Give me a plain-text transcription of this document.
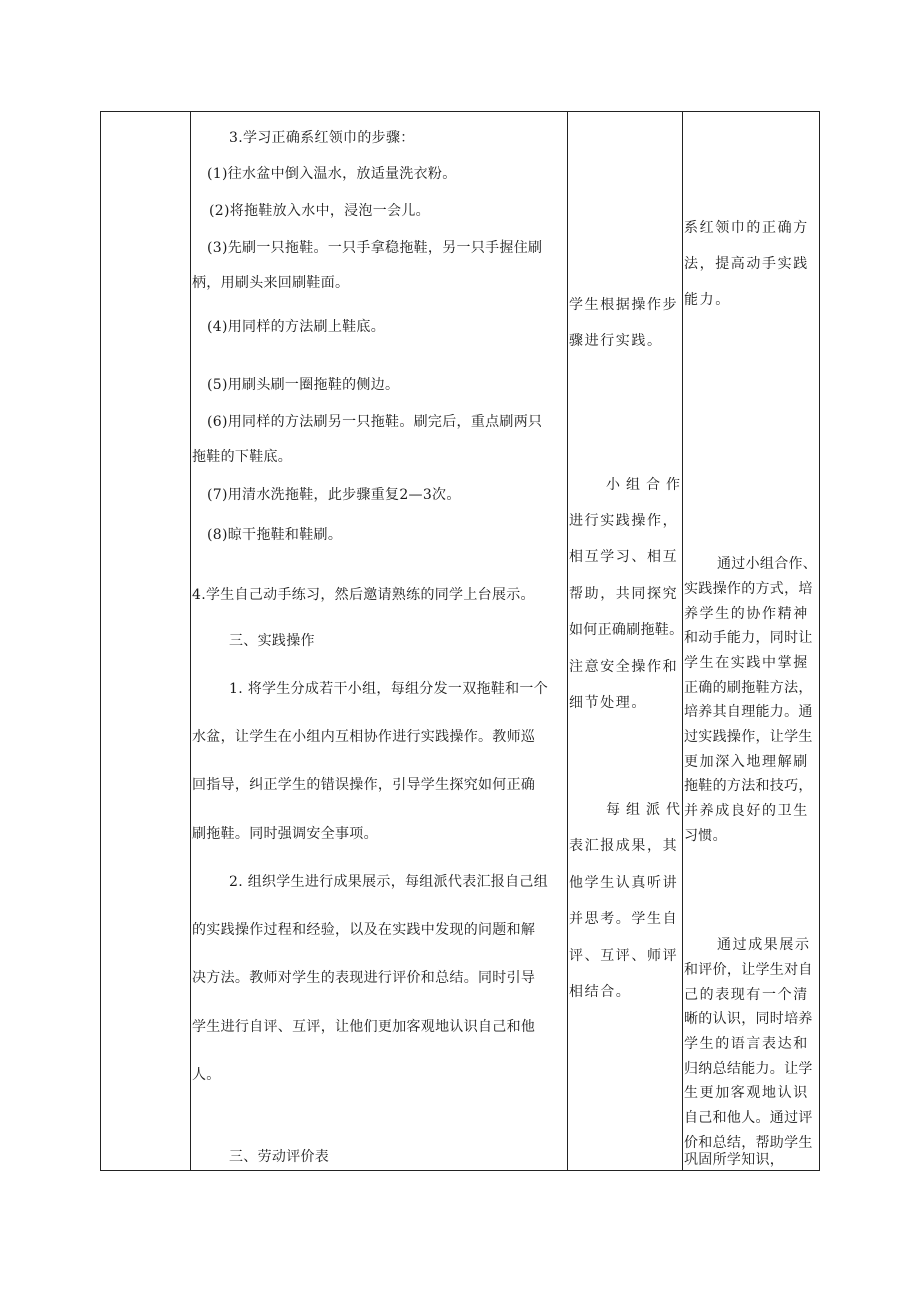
3.学习正确系红领巾的步骤：
(1)往水盆中倒入温水，放适量洗衣粉。
(2)将拖鞋放入水中，浸泡一会儿。
(3)先刷一只拖鞋。一只手拿稳拖鞋，另一只手握住刷
柄，用刷头来回刷鞋面。
(4)用同样的方法刷上鞋底。
(5)用刷头刷一圈拖鞋的侧边。
(6)用同样的方法刷另一只拖鞋。刷完后，重点刷两只
拖鞋的下鞋底。
(7)用清水洗拖鞋，此步骤重复2—3次。
(8)晾干拖鞋和鞋刷。
4.学生自己动手练习，然后邀请熟练的同学上台展示。
三、实践操作
1. 将学生分成若干小组，每组分发一双拖鞋和一个
水盆，让学生在小组内互相协作进行实践操作。教师巡
回指导，纠正学生的错误操作，引导学生探究如何正确
刷拖鞋。同时强调安全事项。
2. 组织学生进行成果展示，每组派代表汇报自己组
的实践操作过程和经验，以及在实践中发现的问题和解
决方法。教师对学生的表现进行评价和总结。同时引导
学生进行自评、互评，让他们更加客观地认识自己和他
人。
三、劳动评价表
学生根据操作步
骤进行实践。
小组合作
进行实践操作，
相互学习、相互
帮助，共同探究
如何正确刷拖鞋。
注意安全操作和
细节处理。
每组派代
表汇报成果，其
他学生认真听讲
并思考。学生自
评、互评、师评
相结合。
系红领巾的正确方
法，提高动手实践
能力。
通过小组合作、
实践操作的方式，培
养学生的协作精神
和动手能力，同时让
学生在实践中掌握
正确的刷拖鞋方法，
培养其自理能力。通
过实践操作，让学生
更加深入地理解刷
拖鞋的方法和技巧，
并养成良好的卫生
习惯。
通过成果展示
和评价，让学生对自
己的表现有一个清
晰的认识，同时培养
学生的语言表达和
归纳总结能力。让学
生更加客观地认识
自己和他人。通过评
价和总结，帮助学生
巩固所学知识，
